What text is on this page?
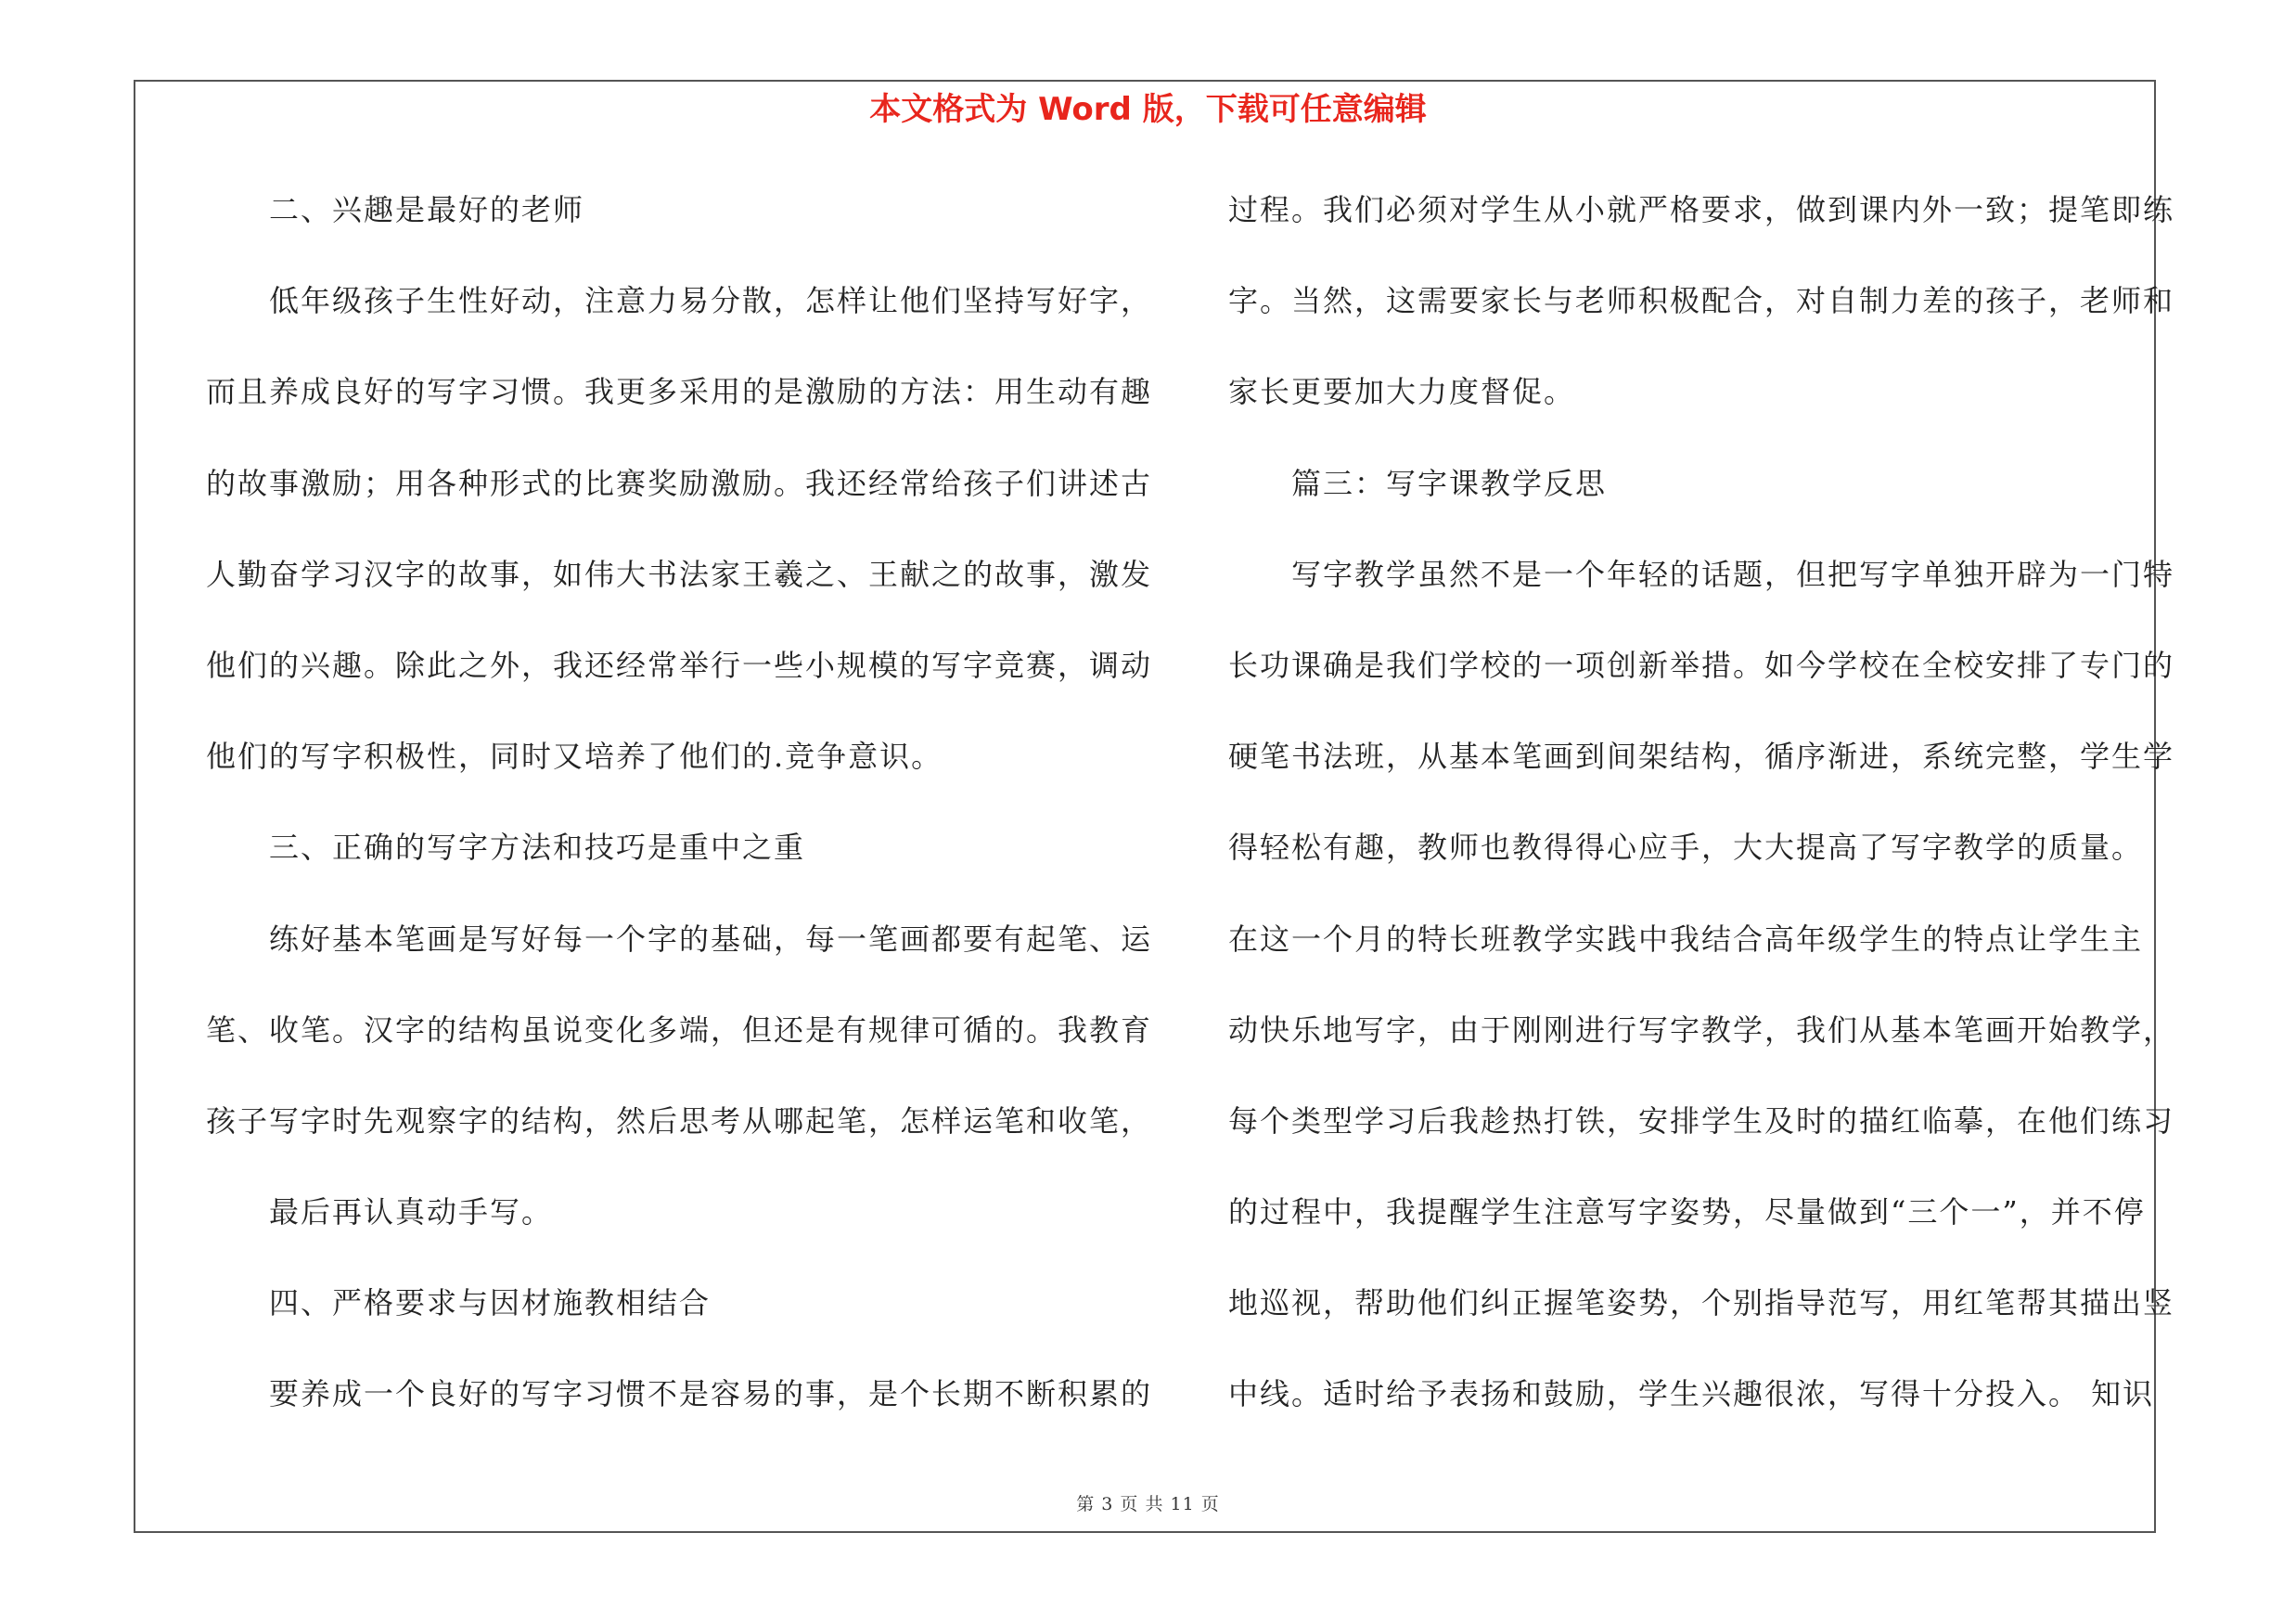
本文格式为 Word 版，下载可任意编辑
二、兴趣是最好的老师
低年级孩子生性好动，注意力易分散，怎样让他们坚持写好字，
而且养成良好的写字习惯。我更多采用的是激励的方法：用生动有趣
的故事激励；用各种形式的比赛奖励激励。我还经常给孩子们讲述古
人勤奋学习汉字的故事，如伟大书法家王羲之、王献之的故事，激发
他们的兴趣。除此之外，我还经常举行一些小规模的写字竞赛，调动
他们的写字积极性，同时又培养了他们的.竞争意识。
三、正确的写字方法和技巧是重中之重
练好基本笔画是写好每一个字的基础，每一笔画都要有起笔、运
笔、收笔。汉字的结构虽说变化多端，但还是有规律可循的。我教育
孩子写字时先观察字的结构，然后思考从哪起笔，怎样运笔和收笔，
最后再认真动手写。
四、严格要求与因材施教相结合
要养成一个良好的写字习惯不是容易的事，是个长期不断积累的
过程。我们必须对学生从小就严格要求，做到课内外一致；提笔即练
字。当然，这需要家长与老师积极配合，对自制力差的孩子，老师和
家长更要加大力度督促。
篇三：写字课教学反思
写字教学虽然不是一个年轻的话题，但把写字单独开辟为一门特
长功课确是我们学校的一项创新举措。如今学校在全校安排了专门的
硬笔书法班，从基本笔画到间架结构，循序渐进，系统完整，学生学
得轻松有趣，教师也教得得心应手，大大提高了写字教学的质量。
在这一个月的特长班教学实践中我结合高年级学生的特点让学生主
动快乐地写字，由于刚刚进行写字教学，我们从基本笔画开始教学，
每个类型学习后我趁热打铁，安排学生及时的描红临摹，在他们练习
的过程中，我提醒学生注意写字姿势，尽量做到“三个一”，并不停
地巡视，帮助他们纠正握笔姿势，个别指导范写，用红笔帮其描出竖
中线。适时给予表扬和鼓励，学生兴趣很浓，写得十分投入。 知识
第 3 页 共 11 页
